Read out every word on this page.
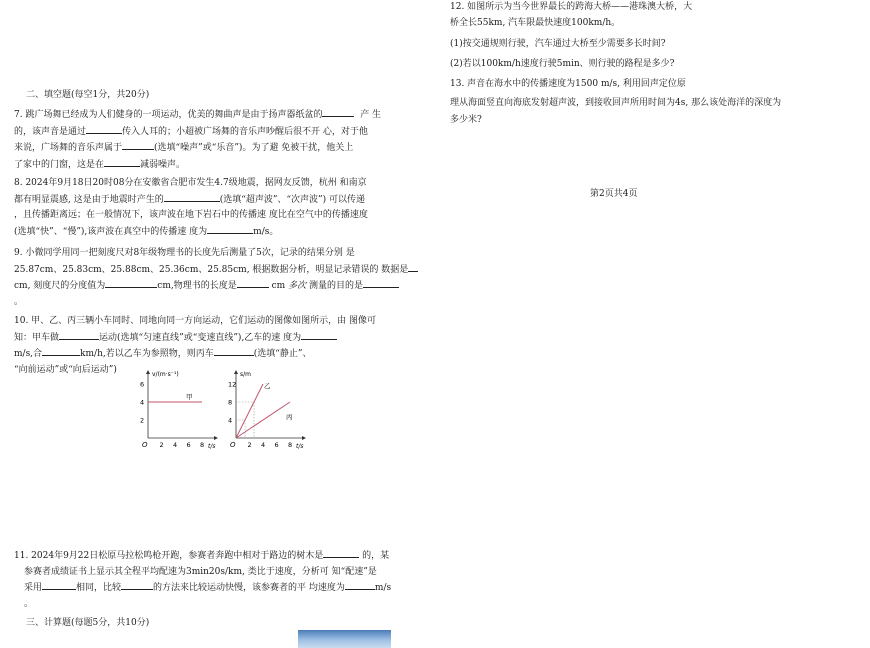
二、填空题(每空1分，共20分)
7. 跳广场舞已经成为人们健身的一项运动，优美的舞曲声是由于扬声器纸盆的	产 生
的，该声音是通过	传入人耳的；小超被广场舞的音乐声吵醒后很不开 心，对于他
来说，广场舞的音乐声属于	(选填“噪声”或“乐音”)。为了避 免被干扰，他关上
了家中的门窗，这是在	减弱噪声。
8. 2024年9月18日20时08分在安徽省合肥市发生4.7级地震，据网友反馈，杭州 和南京
都有明显震感, 这是由于地震时产生的	(选填“超声波”、“次声波”) 可以传递
，且传播距离远；在一般情况下，该声波在地下岩石中的传播速 度比在空气中的传播速度
(选填“快”、“慢”),该声波在真空中的传播速 度为	m/s。
9. 小微同学用同一把刻度尺对8年级物理书的长度先后测量了5次，记录的结果分别 是
25.87cm、25.83cm、25.88cm、25.36cm、25.85cm, 根据数据分析，明显记录错误的 数据是
cm, 刻度尺的分度值为	cm,物理书的长度是	cm 多次 测量的目的是
。
10. 甲、乙、丙三辆小车同时、同地向同一方向运动，它们运动的图像如图所示，由 图像可
知：甲车做	运动(选填“匀速直线”或“变速直线”),乙车的速 度为
m/s,合	km/h,若以乙车为参照物，则丙车	(选填“静止”、
“向前运动”或“向后运动”)	v/(m·s⁻¹)
t/s
O
2
4
6
2 4 6 8
甲
s/m
t/s
O
4
8
12
2 4 6 8
乙
丙
11. 2024年9月22日松原马拉松鸣枪开跑，参赛者奔跑中相对于路边的树木是	的，某
参赛者成绩证书上显示其全程平均配速为3min20s/km, 类比于速度，分析可 知“配速”是
采用	相同，比较	的方法来比较运动快慢，该参赛者的平 均速度为	m/s
。
三、计算题(每题5分，共10分)
12. 如图所示为当今世界最长的跨海大桥——港珠澳大桥，大
桥全长55km, 汽车限最快速度100km/h。
(1)按交通规则行驶，汽车通过大桥至少需要多长时间?
(2)若以100km/h速度行驶5min、则行驶的路程是多少?
13. 声音在海水中的传播速度为1500 m/s, 利用回声定位原
理从海面竖直向海底发射超声波，到接收回声所用时间为4s, 那么该处海洋的深度为
多少米?
第2页共4页
